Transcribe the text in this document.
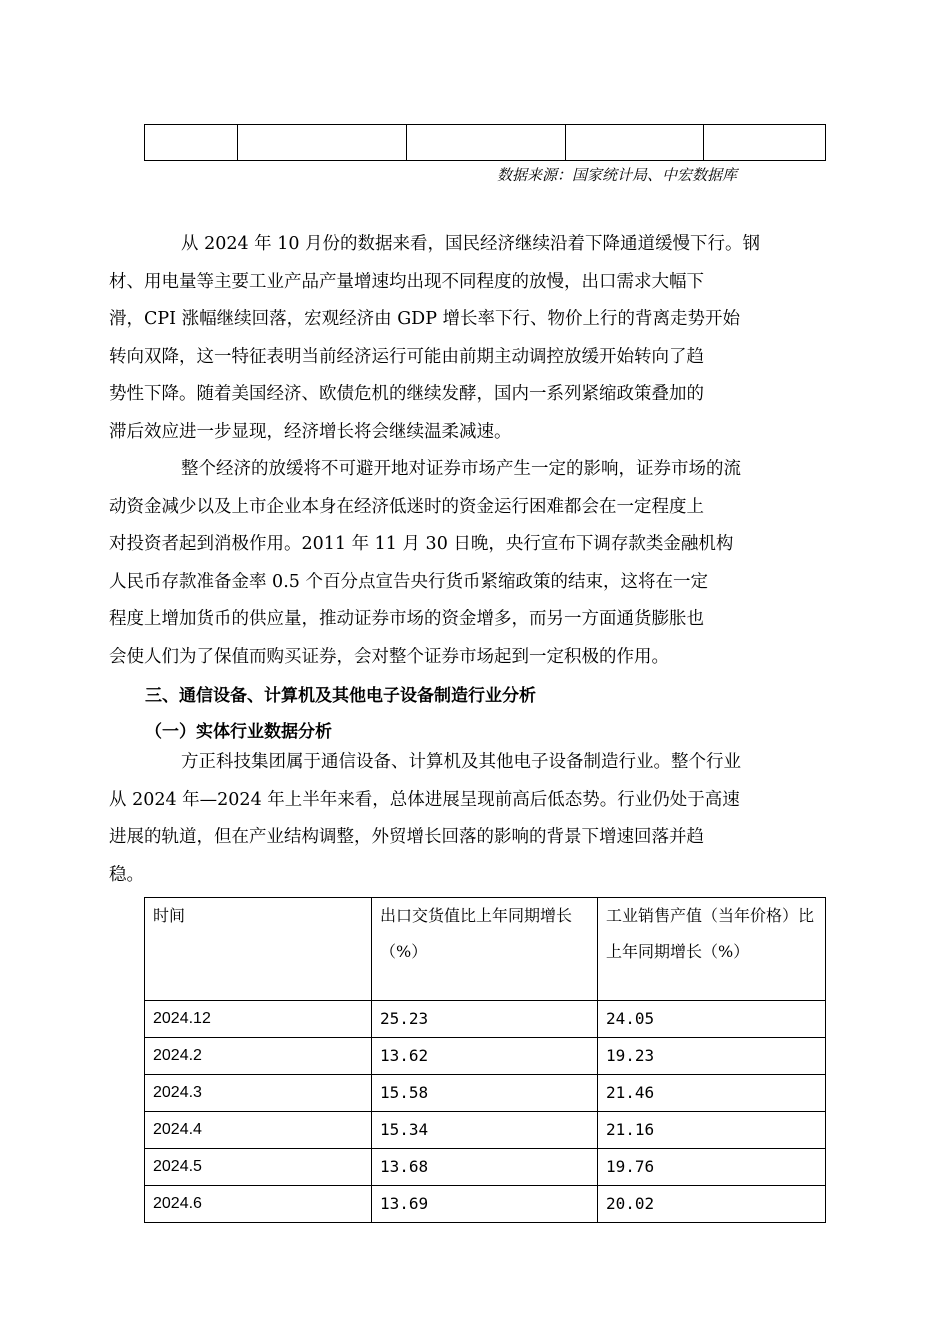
数据来源：国家统计局、中宏数据库

从 2024 年 10 月份的数据来看，国民经济继续沿着下降通道缓慢下行。钢
材、用电量等主要工业产品产量增速均出现不同程度的放慢，出口需求大幅下
滑，CPI 涨幅继续回落，宏观经济由 GDP 增长率下行、物价上行的背离走势开始
转向双降，这一特征表明当前经济运行可能由前期主动调控放缓开始转向了趋
势性下降。随着美国经济、欧债危机的继续发酵，国内一系列紧缩政策叠加的
滞后效应进一步显现，经济增长将会继续温柔减速。

整个经济的放缓将不可避开地对证券市场产生一定的影响，证券市场的流
动资金减少以及上市企业本身在经济低迷时的资金运行困难都会在一定程度上
对投资者起到消极作用。2011 年 11 月 30 日晚，央行宣布下调存款类金融机构
人民币存款准备金率 0.5 个百分点宣告央行货币紧缩政策的结束，这将在一定
程度上增加货币的供应量，推动证券市场的资金增多，而另一方面通货膨胀也
会使人们为了保值而购买证券，会对整个证券市场起到一定积极的作用。

三、通信设备、计算机及其他电子设备制造行业分析
（一）实体行业数据分析

方正科技集团属于通信设备、计算机及其他电子设备制造行业。整个行业
从 2024 年—2024 年上半年来看，总体进展呈现前高后低态势。行业仍处于高速
进展的轨道，但在产业结构调整，外贸增长回落的影响的背景下增速回落并趋
稳。

时间	出口交货值比上年同期增长（%）	工业销售产值（当年价格）比上年同期增长（%）
2024.12	25.23	24.05
2024.2	13.62	19.23
2024.3	15.58	21.46
2024.4	15.34	21.16
2024.5	13.68	19.76
2024.6	13.69	20.02
